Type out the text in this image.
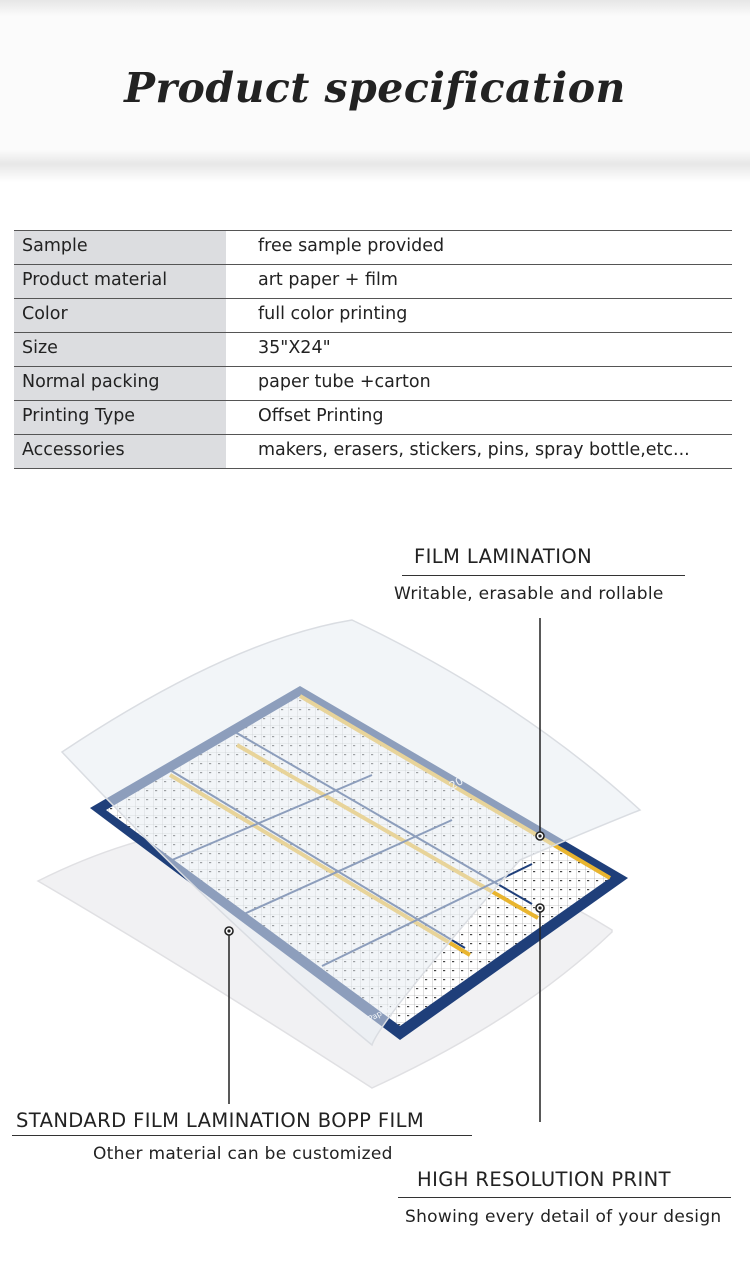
Product specification
Sample	free sample provided
Product material	art paper + film
Color	full color printing
Size	35"X24"
Normal packing	paper tube +carton
Printing Type	Offset Printing
Accessories	makers, erasers, stickers, pins, spray bottle,etc...
FILM LAMINATION
Writable, erasable and rollable
STANDARD FILM LAMINATION BOPP FILM
Other material can be customized
HIGH RESOLUTION PRINT
Showing every detail of your design
